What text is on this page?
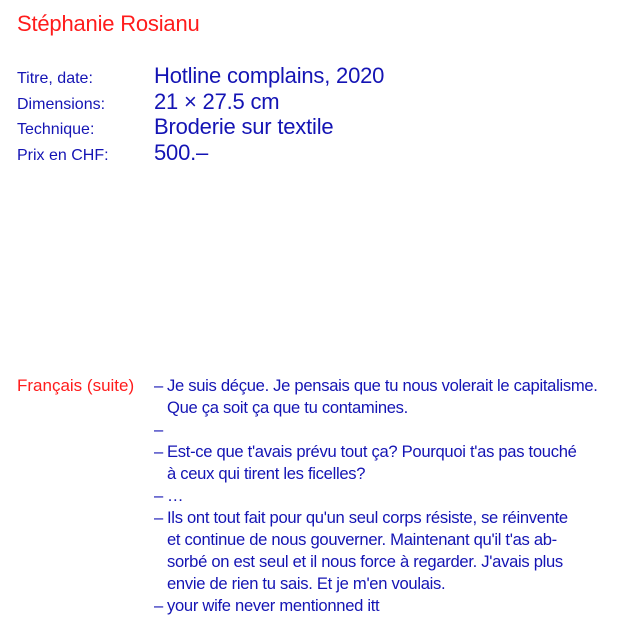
Stéphanie Rosianu
Titre, date:	Hotline complains, 2020
Dimensions:	21 × 27.5 cm
Technique:	Broderie sur textile
Prix en CHF:	500.–
Français (suite) – Je suis déçue. Je pensais que tu nous volerait le capitalisme.
Que ça soit ça que tu contamines.
–
– Est-ce que t'avais prévu tout ça? Pourquoi t'as pas touché
à ceux qui tirent les ficelles?
– …
– Ils ont tout fait pour qu'un seul corps résiste, se réinvente
et continue de nous gouverner. Maintenant qu'il t'as ab-
sorbé on est seul et il nous force à regarder. J'avais plus
envie de rien tu sais. Et je m'en voulais.
– your wife never mentionned itt
